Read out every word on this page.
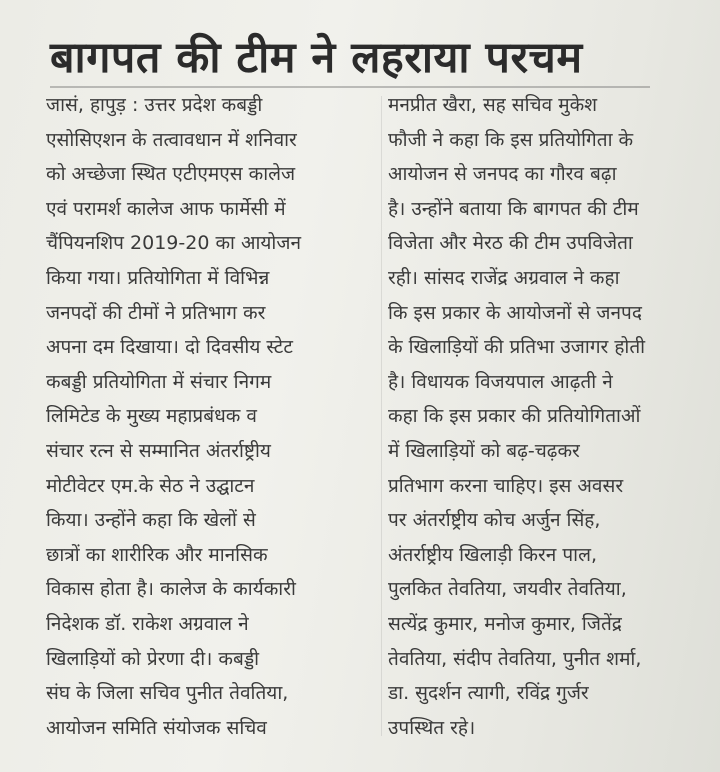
बागपत की टीम ने लहराया परचम
जासं, हापुड़ : उत्तर प्रदेश कबड्डी
एसोसिएशन के तत्वावधान में शनिवार
को अच्छेजा स्थित एटीएमएस कालेज
एवं परामर्श कालेज आफ फार्मेसी में
चैंपियनशिप 2019-20 का आयोजन
किया गया। प्रतियोगिता में विभिन्न
जनपदों की टीमों ने प्रतिभाग कर
अपना दम दिखाया। दो दिवसीय स्टेट
कबड्डी प्रतियोगिता में संचार निगम
लिमिटेड के मुख्य महाप्रबंधक व
संचार रत्न से सम्मानित अंतर्राष्ट्रीय
मोटीवेटर एम.के सेठ ने उद्घाटन
किया। उन्होंने कहा कि खेलों से
छात्रों का शारीरिक और मानसिक
विकास होता है। कालेज के कार्यकारी
निदेशक डॉ. राकेश अग्रवाल ने
खिलाड़ियों को प्रेरणा दी। कबड्डी
संघ के जिला सचिव पुनीत तेवतिया,
आयोजन समिति संयोजक सचिव
मनप्रीत खैरा, सह सचिव मुकेश
फौजी ने कहा कि इस प्रतियोगिता के
आयोजन से जनपद का गौरव बढ़ा
है। उन्होंने बताया कि बागपत की टीम
विजेता और मेरठ की टीम उपविजेता
रही। सांसद राजेंद्र अग्रवाल ने कहा
कि इस प्रकार के आयोजनों से जनपद
के खिलाड़ियों की प्रतिभा उजागर होती
है। विधायक विजयपाल आढ़ती ने
कहा कि इस प्रकार की प्रतियोगिताओं
में खिलाड़ियों को बढ़-चढ़कर
प्रतिभाग करना चाहिए। इस अवसर
पर अंतर्राष्ट्रीय कोच अर्जुन सिंह,
अंतर्राष्ट्रीय खिलाड़ी किरन पाल,
पुलकित तेवतिया, जयवीर तेवतिया,
सत्येंद्र कुमार, मनोज कुमार, जितेंद्र
तेवतिया, संदीप तेवतिया, पुनीत शर्मा,
डा. सुदर्शन त्यागी, रविंद्र गुर्जर
उपस्थित रहे।
